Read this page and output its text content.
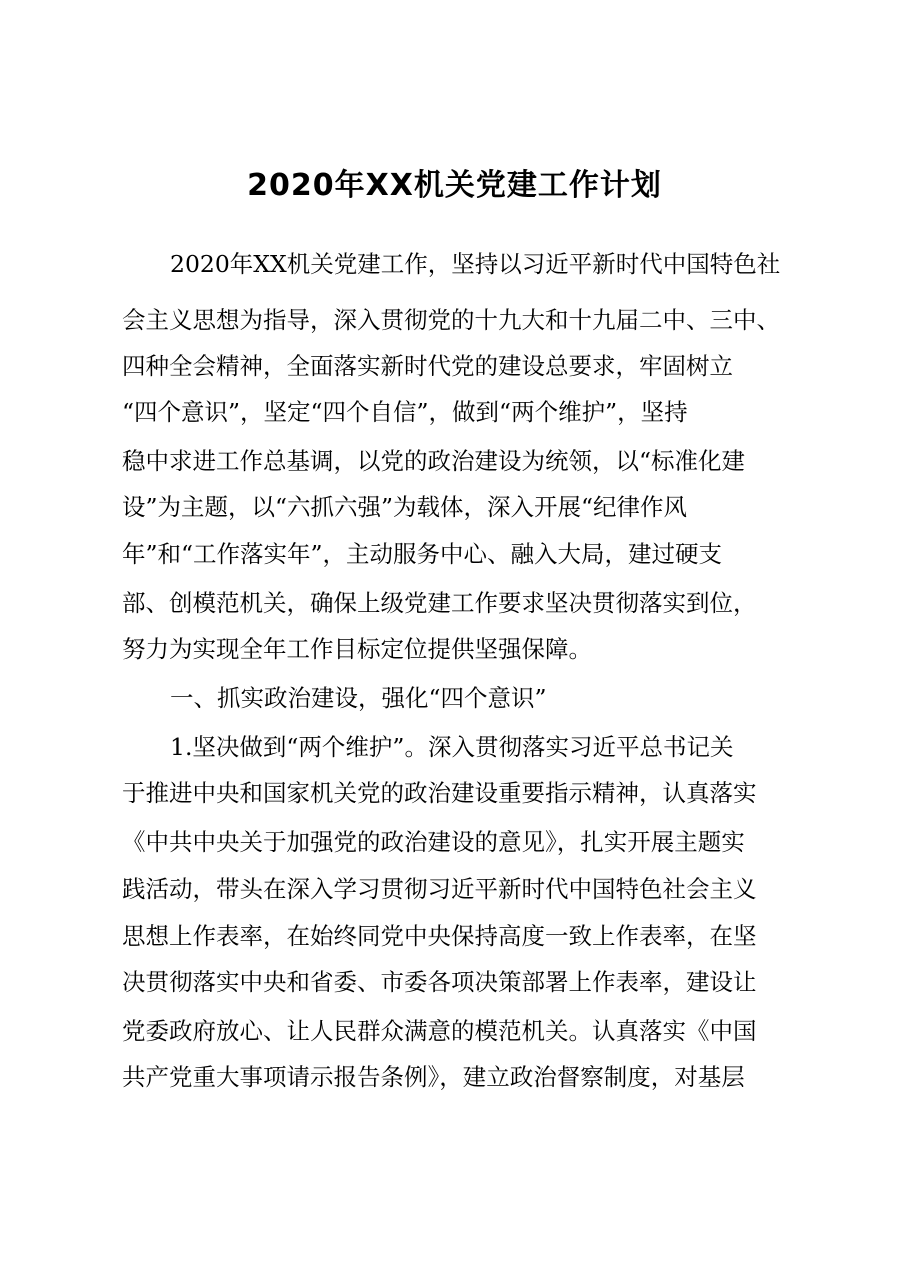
2020年XX机关党建工作计划

2020年XX机关党建工作，坚持以习近平新时代中国特色社

会主义思想为指导，深入贯彻党的十九大和十九届二中、三中、

四种全会精神，全面落实新时代党的建设总要求，牢固树立

“四个意识”，坚定“四个自信”，做到“两个维护”，坚持

稳中求进工作总基调，以党的政治建设为统领，以“标准化建

设”为主题，以“六抓六强”为载体，深入开展“纪律作风

年”和“工作落实年”，主动服务中心、融入大局，建过硬支

部、创模范机关，确保上级党建工作要求坚决贯彻落实到位，

努力为实现全年工作目标定位提供坚强保障。

一、抓实政治建设，强化“四个意识”

1.坚决做到“两个维护”。深入贯彻落实习近平总书记关

于推进中央和国家机关党的政治建设重要指示精神，认真落实

《中共中央关于加强党的政治建设的意见》，扎实开展主题实

践活动，带头在深入学习贯彻习近平新时代中国特色社会主义

思想上作表率，在始终同党中央保持高度一致上作表率，在坚

决贯彻落实中央和省委、市委各项决策部署上作表率，建设让

党委政府放心、让人民群众满意的模范机关。认真落实《中国

共产党重大事项请示报告条例》，建立政治督察制度，对基层
